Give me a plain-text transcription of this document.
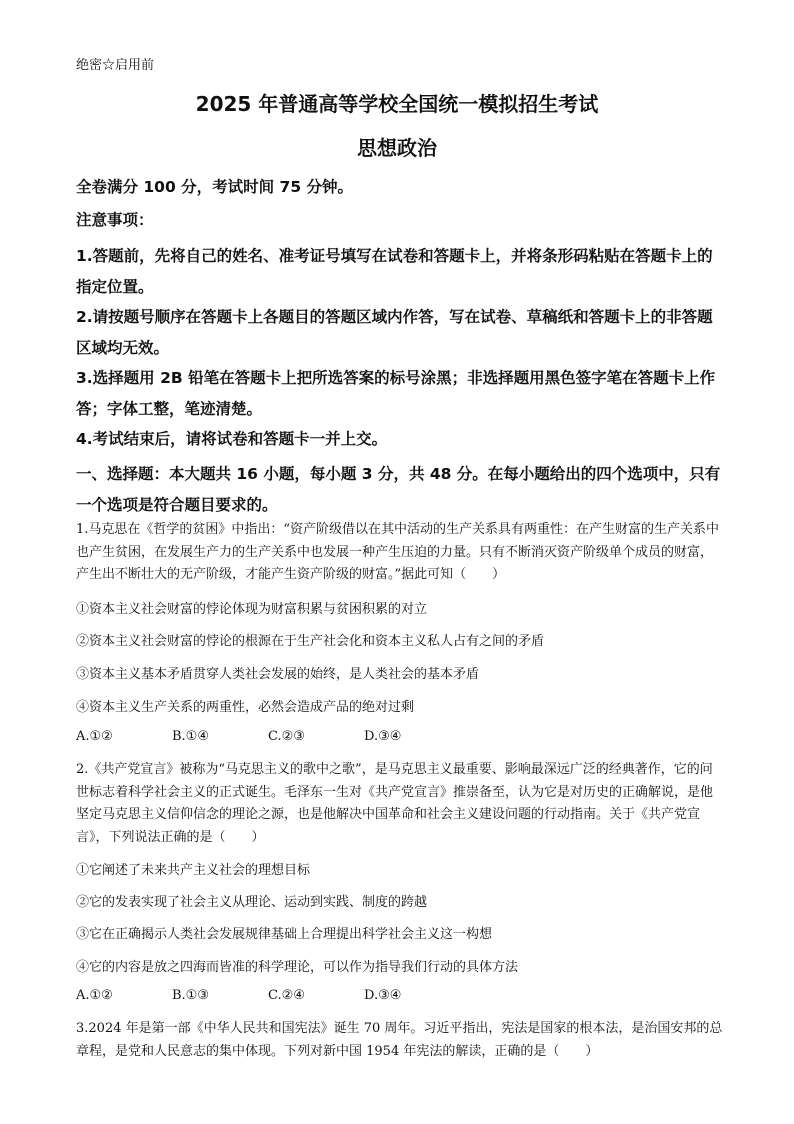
绝密☆启用前
2025 年普通高等学校全国统一模拟招生考试
思想政治
全卷满分 100 分，考试时间 75 分钟。
注意事项：
1.答题前，先将自己的姓名、准考证号填写在试卷和答题卡上，并将条形码粘贴在答题卡上的指定位置。
2.请按题号顺序在答题卡上各题目的答题区域内作答，写在试卷、草稿纸和答题卡上的非答题区域均无效。
3.选择题用 2B 铅笔在答题卡上把所选答案的标号涂黑；非选择题用黑色签字笔在答题卡上作答；字体工整，笔迹清楚。
4.考试结束后，请将试卷和答题卡一并上交。
一、选择题：本大题共 16 小题，每小题 3 分，共 48 分。在每小题给出的四个选项中，只有一个选项是符合题目要求的。
1.马克思在《哲学的贫困》中指出：“资产阶级借以在其中活动的生产关系具有两重性：在产生财富的生产关系中也产生贫困，在发展生产力的生产关系中也发展一种产生压迫的力量。只有不断消灭资产阶级单个成员的财富，产生出不断壮大的无产阶级，才能产生资产阶级的财富。”据此可知（　　）
①资本主义社会财富的悖论体现为财富积累与贫困积累的对立
②资本主义社会财富的悖论的根源在于生产社会化和资本主义私人占有之间的矛盾
③资本主义基本矛盾贯穿人类社会发展的始终，是人类社会的基本矛盾
④资本主义生产关系的两重性，必然会造成产品的绝对过剩
A.①②	B.①④	C.②③	D.③④
2.《共产党宣言》被称为“马克思主义的歌中之歌”，是马克思主义最重要、影响最深远广泛的经典著作，它的问世标志着科学社会主义的正式诞生。毛泽东一生对《共产党宣言》推崇备至，认为它是对历史的正确解说，是他坚定马克思主义信仰信念的理论之源，也是他解决中国革命和社会主义建设问题的行动指南。关于《共产党宣言》，下列说法正确的是（　　）
①它阐述了未来共产主义社会的理想目标
②它的发表实现了社会主义从理论、运动到实践、制度的跨越
③它在正确揭示人类社会发展规律基础上合理提出科学社会主义这一构想
④它的内容是放之四海而皆准的科学理论，可以作为指导我们行动的具体方法
A.①②	B.①③	C.②④	D.③④
3.2024 年是第一部《中华人民共和国宪法》诞生 70 周年。习近平指出，宪法是国家的根本法，是治国安邦的总章程，是党和人民意志的集中体现。下列对新中国 1954 年宪法的解读，正确的是（　　）
